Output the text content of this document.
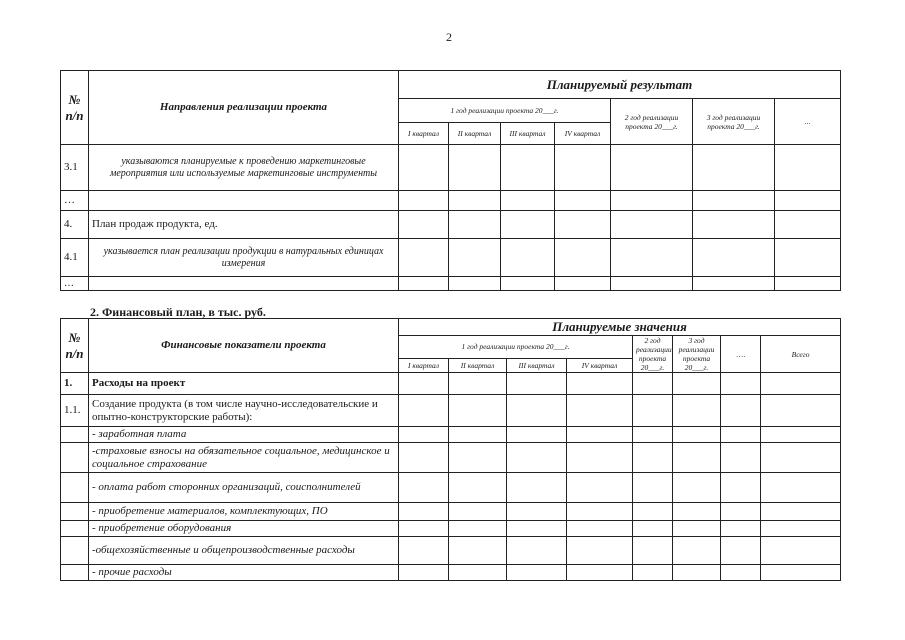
2
№ п/п	Направления реализации проекта	Планируемый результат						
		1 год реализации проекта 20___г.				2 год реализации проекта 20___г.	3 год реализации проекта 20___г.	...
		I квартал	II квартал	III квартал	IV квартал			
3.1	указываются планируемые к проведению маркетинговые мероприятия или используемые маркетинговые инструменты							
…								
4.	План продаж продукта, ед.							
4.1	указывается план реализации продукции в натуральных единицах измерения							
…								
2. Финансовый план, в тыс. руб.
№ п/п	Финансовые показатели проекта	Планируемые значения							
		1 год реализации проекта 20___г.				2 год реализации проекта 20___г.	3 год реализации проекта 20___г.	….	Всего
		I квартал	II квартал	III квартал	IV квартал				
1.	Расходы на проект								
1.1.	Создание продукта (в том числе научно-исследовательские и опытно-конструкторские работы):								
	- заработная плата								
	-страховые взносы на обязательное социальное, медицинское и социальное страхование								
	- оплата работ сторонних организаций, соисполнителей								
	- приобретение материалов, комплектующих, ПО								
	- приобретение оборудования								
	-общехозяйственные и общепроизводственные расходы								
	- прочие расходы								
